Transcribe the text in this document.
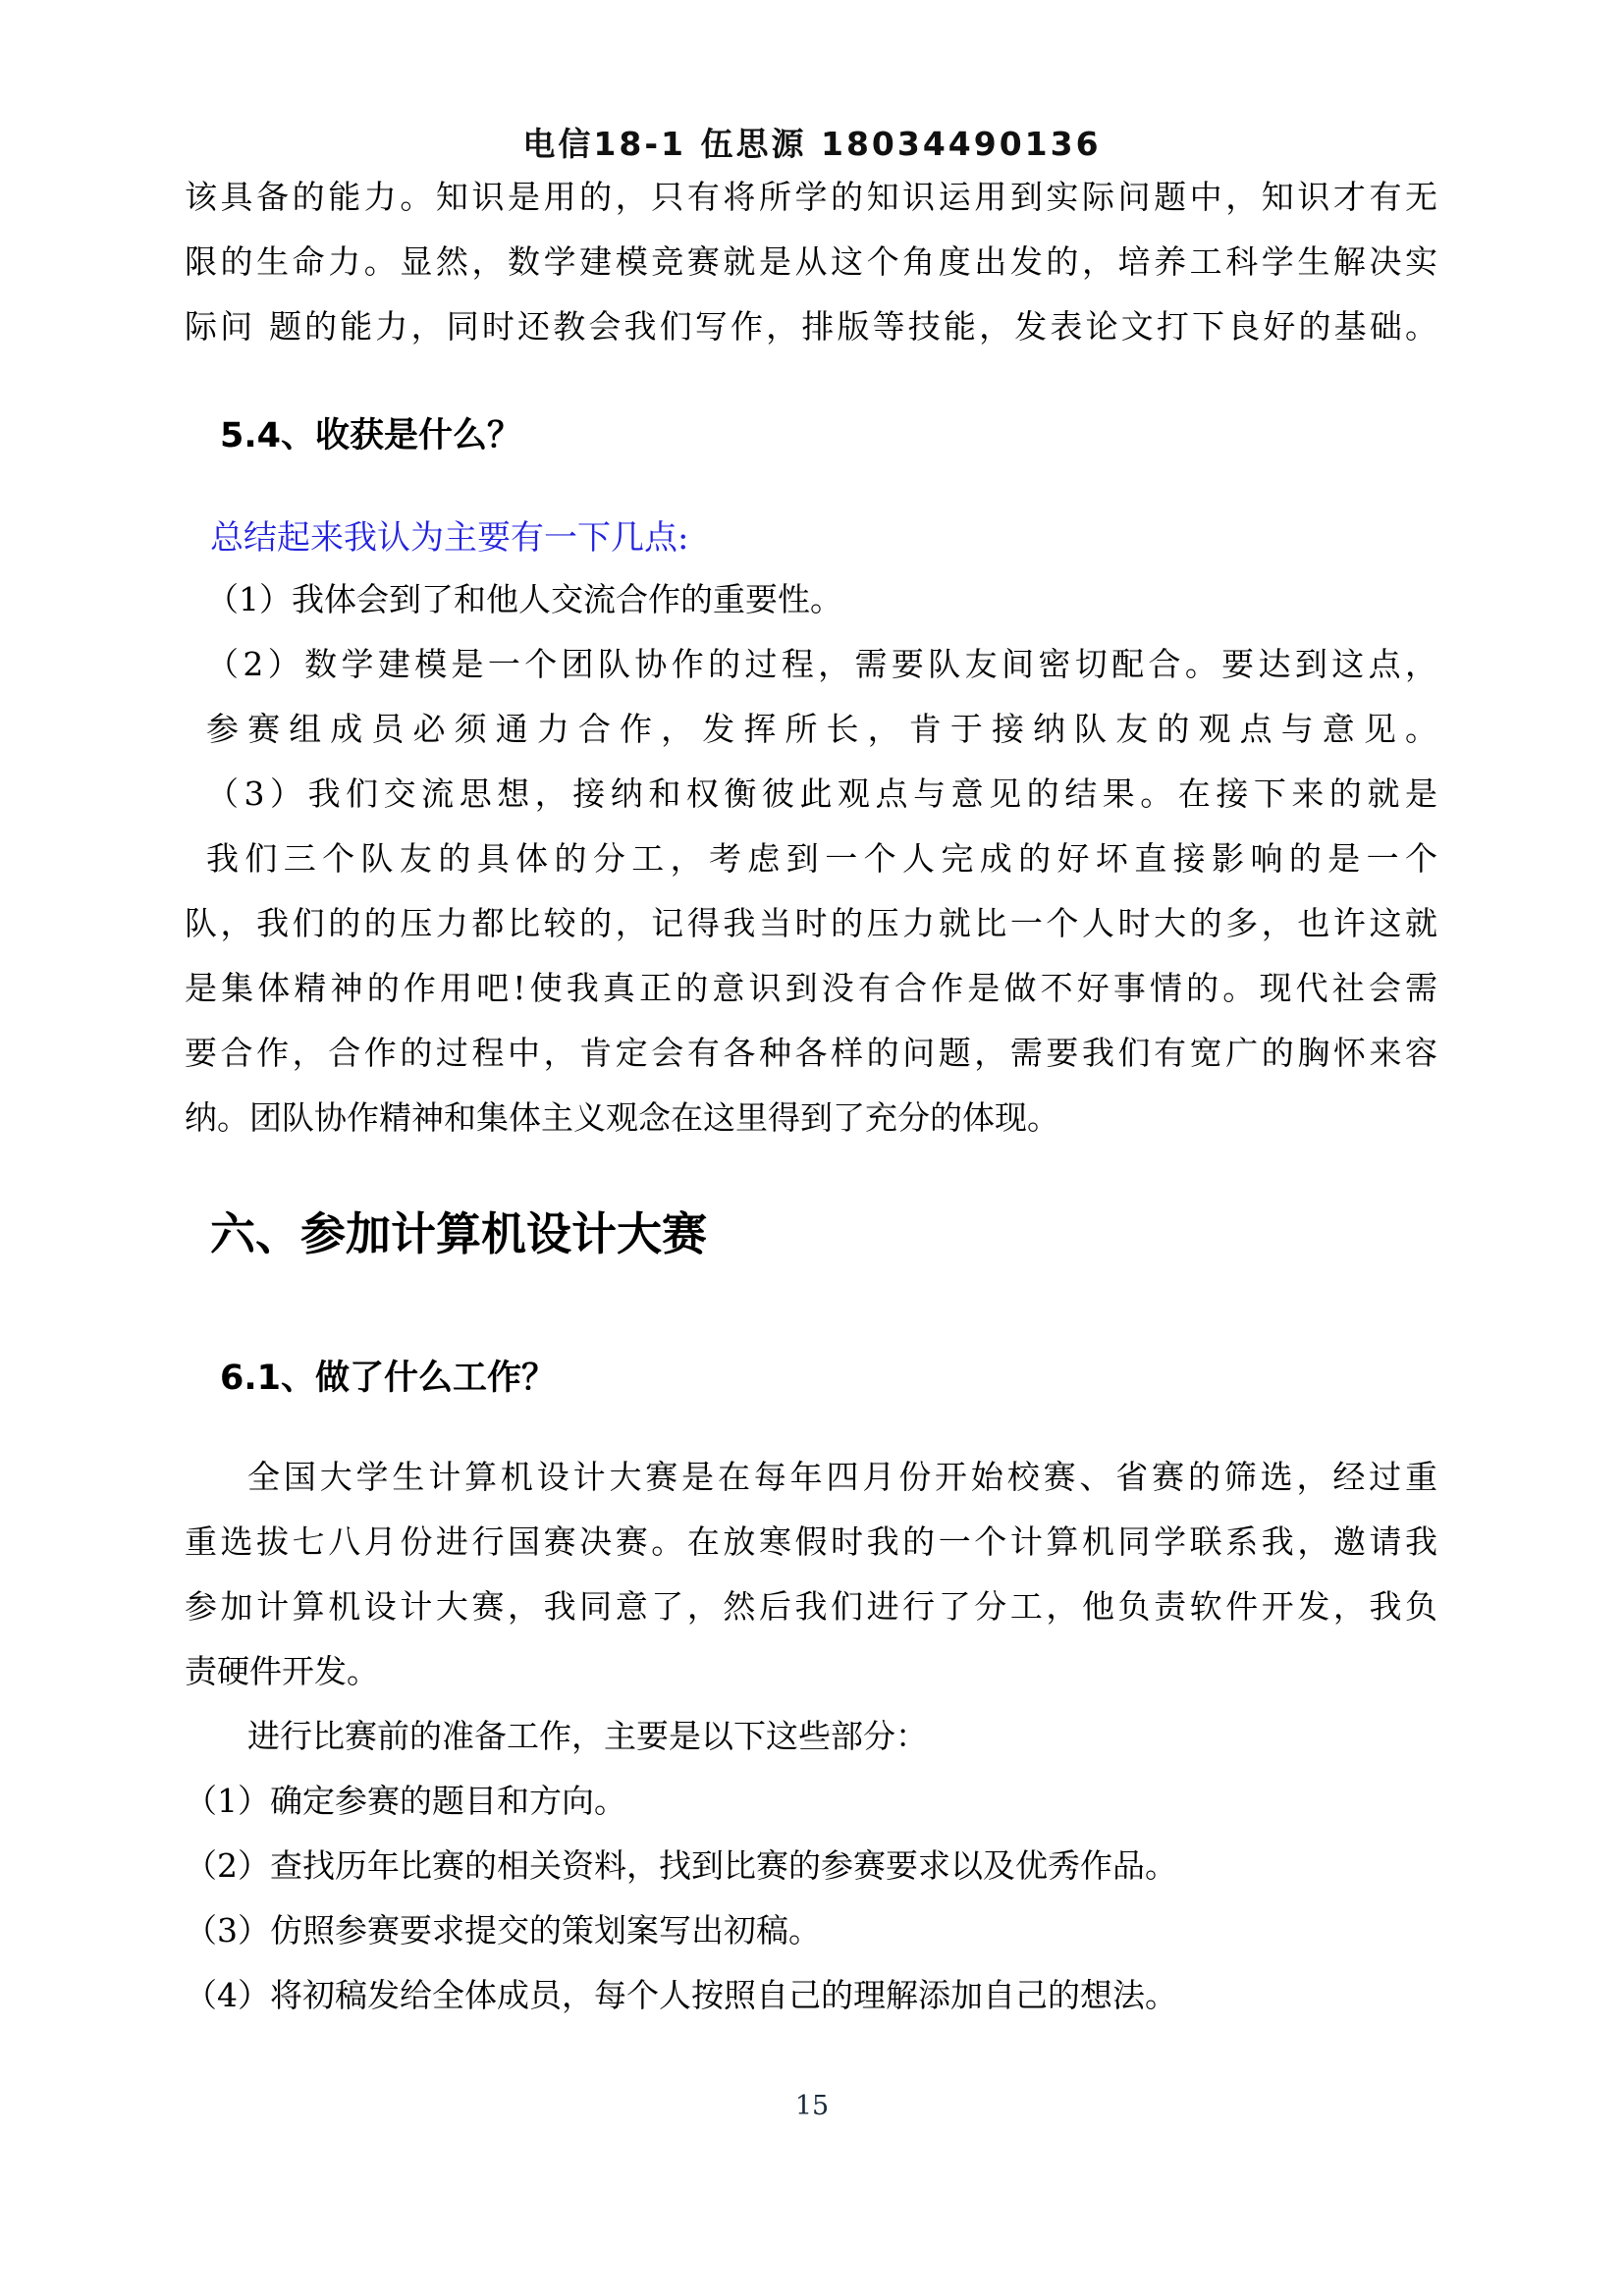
电信18-1 伍思源 18034490136
该具备的能力。知识是用的，只有将所学的知识运用到实际问题中，知识才有无
限的生命力。显然，数学建模竞赛就是从这个角度出发的，培养工科学生解决实
际问 题的能力，同时还教会我们写作，排版等技能，发表论文打下良好的基础。
5.4、收获是什么？
总结起来我认为主要有一下几点:
（1）我体会到了和他人交流合作的重要性。
（2）数学建模是一个团队协作的过程，需要队友间密切配合。要达到这点，
参赛组成员必须通力合作，发挥所长，肯于接纳队友的观点与意见。
（3）我们交流思想，接纳和权衡彼此观点与意见的结果。在接下来的就是
我们三个队友的具体的分工，考虑到一个人完成的好坏直接影响的是一个
队，我们的的压力都比较的，记得我当时的压力就比一个人时大的多，也许这就
是集体精神的作用吧!使我真正的意识到没有合作是做不好事情的。现代社会需
要合作，合作的过程中，肯定会有各种各样的问题，需要我们有宽广的胸怀来容
纳。团队协作精神和集体主义观念在这里得到了充分的体现。
六、参加计算机设计大赛
6.1、做了什么工作？
全国大学生计算机设计大赛是在每年四月份开始校赛、省赛的筛选，经过重
重选拔七八月份进行国赛决赛。在放寒假时我的一个计算机同学联系我，邀请我
参加计算机设计大赛，我同意了，然后我们进行了分工，他负责软件开发，我负
责硬件开发。
进行比赛前的准备工作，主要是以下这些部分：
（1）确定参赛的题目和方向。
（2）查找历年比赛的相关资料，找到比赛的参赛要求以及优秀作品。
（3）仿照参赛要求提交的策划案写出初稿。
（4）将初稿发给全体成员，每个人按照自己的理解添加自己的想法。
15
